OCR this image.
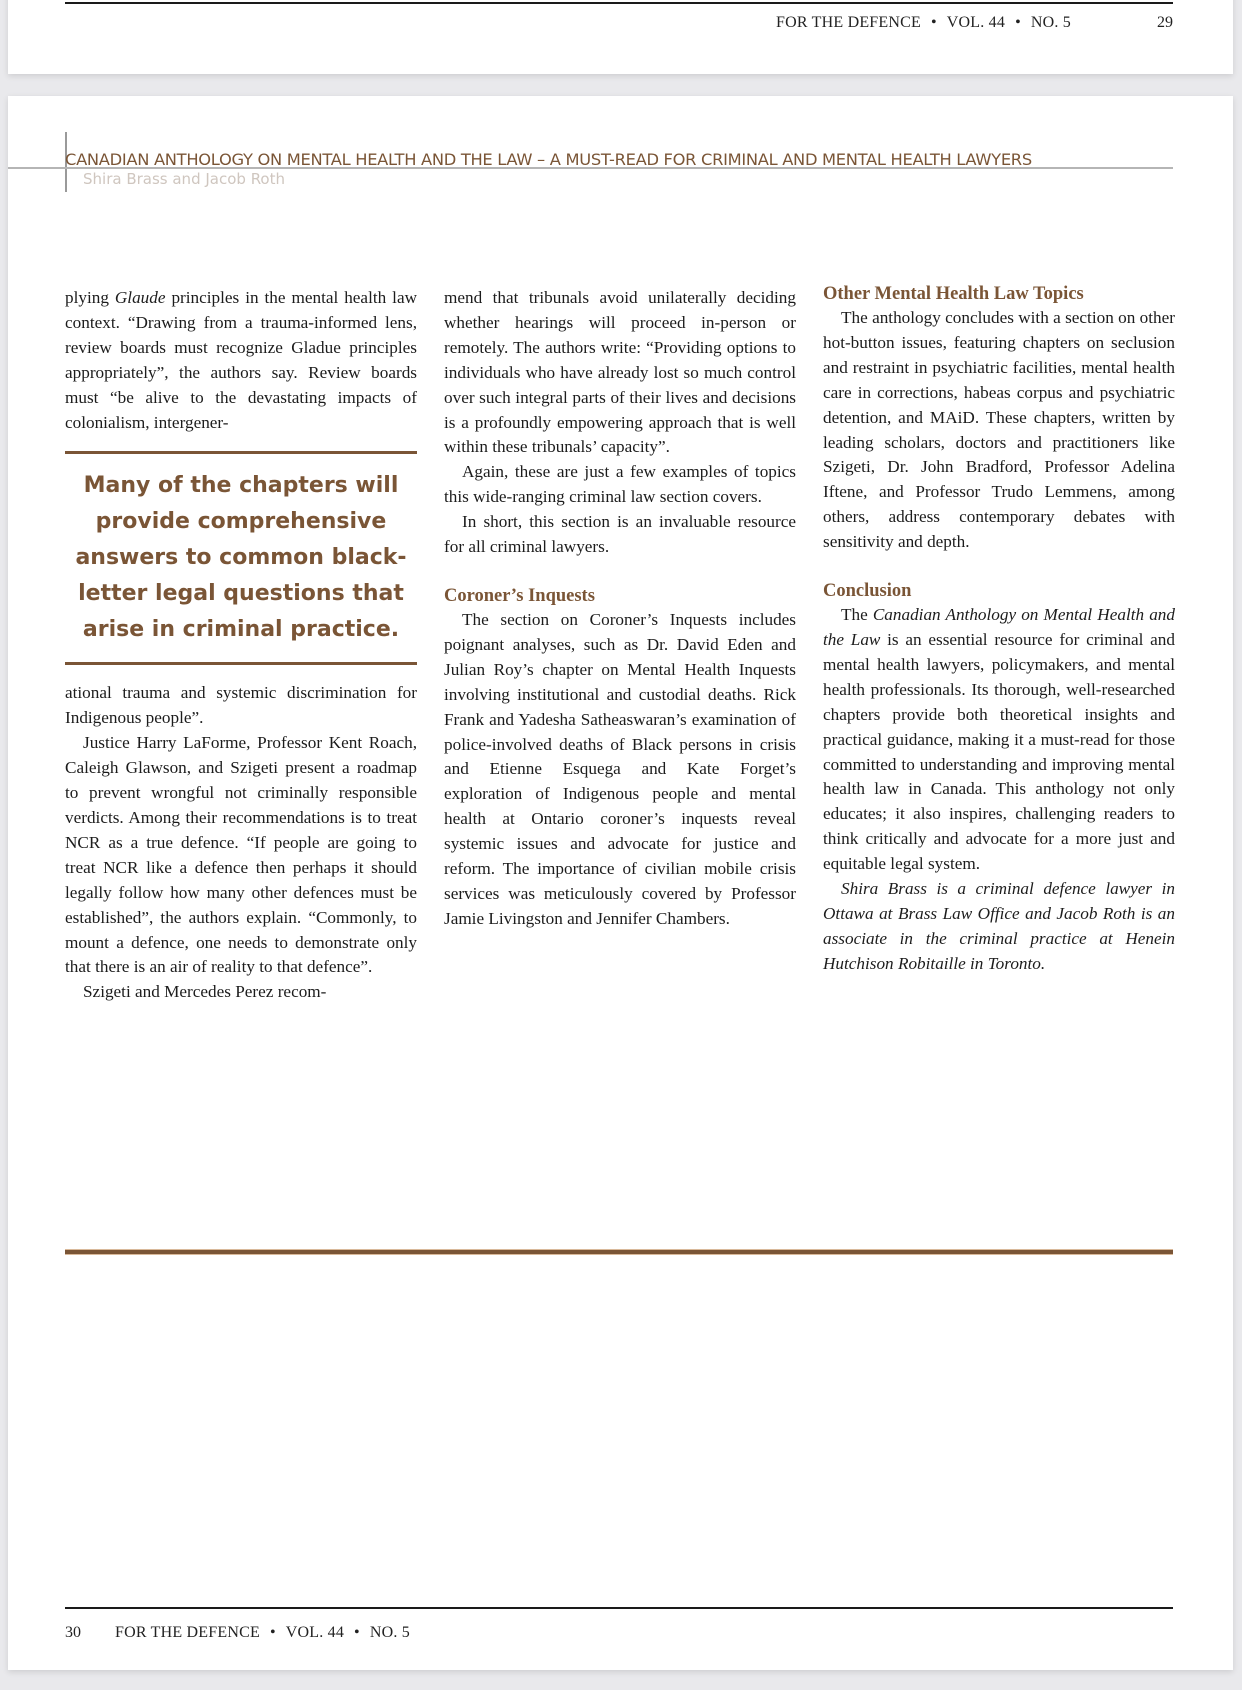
FOR THE DEFENCE • VOL. 44 • NO. 5	29
CANADIAN ANTHOLOGY ON MENTAL HEALTH AND THE LAW – A MUST-READ FOR CRIMINAL AND MENTAL HEALTH LAWYERS
Shira Brass and Jacob Roth

plying Glaude principles in the mental health law context. “Drawing from a trauma-informed lens, review boards must recognize Gladue principles appropriately”, the authors say. Review boards must “be alive to the devastating impacts of colonialism, intergener-

Many of the chapters will provide comprehensive answers to common black-letter legal questions that arise in criminal practice.

ational trauma and systemic discrimination for Indigenous people”.

Justice Harry LaForme, Professor Kent Roach, Caleigh Glawson, and Szigeti present a roadmap to prevent wrongful not criminally responsible verdicts. Among their recommendations is to treat NCR as a true defence. “If people are going to treat NCR like a defence then perhaps it should legally follow how many other defences must be established”, the authors explain. “Commonly, to mount a defence, one needs to demonstrate only that there is an air of reality to that defence”.

Szigeti and Mercedes Perez recom-

mend that tribunals avoid unilaterally deciding whether hearings will proceed in-person or remotely. The authors write: “Providing options to individuals who have already lost so much control over such integral parts of their lives and decisions is a profoundly empowering approach that is well within these tribunals’ capacity”.

Again, these are just a few examples of topics this wide-ranging criminal law section covers.

In short, this section is an invaluable resource for all criminal lawyers.

Coroner’s Inquests

The section on Coroner’s Inquests includes poignant analyses, such as Dr. David Eden and Julian Roy’s chapter on Mental Health Inquests involving institutional and custodial deaths. Rick Frank and Yadesha Satheaswaran’s examination of police-involved deaths of Black persons in crisis and Etienne Esquega and Kate Forget’s exploration of Indigenous people and mental health at Ontario coroner’s inquests reveal systemic issues and advocate for justice and reform. The importance of civilian mobile crisis services was meticulously covered by Professor Jamie Livingston and Jennifer Chambers.

Other Mental Health Law Topics

The anthology concludes with a section on other hot-button issues, featuring chapters on seclusion and restraint in psychiatric facilities, mental health care in corrections, habeas corpus and psychiatric detention, and MAiD. These chapters, written by leading scholars, doctors and practitioners like Szigeti, Dr. John Bradford, Professor Adelina Iftene, and Professor Trudo Lemmens, among others, address contemporary debates with sensitivity and depth.

Conclusion

The Canadian Anthology on Mental Health and the Law is an essential resource for criminal and mental health lawyers, policymakers, and mental health professionals. Its thorough, well-researched chapters provide both theoretical insights and practical guidance, making it a must-read for those committed to understanding and improving mental health law in Canada. This anthology not only educates; it also inspires, challenging readers to think critically and advocate for a more just and equitable legal system.

Shira Brass is a criminal defence lawyer in Ottawa at Brass Law Office and Jacob Roth is an associate in the criminal practice at Henein Hutchison Robitaille in Toronto.

30 FOR THE DEFENCE • VOL. 44 • NO. 5
